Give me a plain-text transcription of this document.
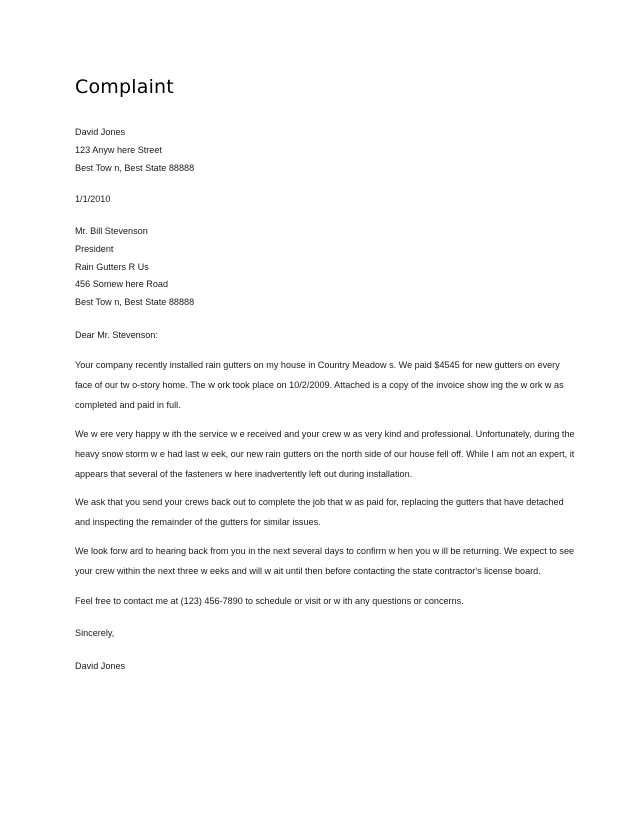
Complaint

David Jones

123 Anyw here Street

Best Tow n, Best State 88888

1/1/2010

Mr. Bill Stevenson

President

Rain Gutters R Us

456 Somew here Road

Best Tow n, Best State 88888

Dear Mr. Stevenson:

Your company recently installed rain gutters on my house in Country Meadow s. We paid $4545 for new gutters on every
face of our tw o-story home. The w ork took place on 10/2/2009. Attached is a copy of the invoice show ing the w ork w as
completed and paid in full.
We w ere very happy w ith the service w e received and your crew w as very kind and professional. Unfortunately, during the
heavy snow storm w e had last w eek, our new rain gutters on the north side of our house fell off. While I am not an expert, it
appears that several of the fasteners w here inadvertently left out during installation.
We ask that you send your crews back out to complete the job that w as paid for, replacing the gutters that have detached
and inspecting the remainder of the gutters for similar issues.
We look forw ard to hearing back from you in the next several days to confirm w hen you w ill be returning. We expect to see
your crew within the next three w eeks and will w ait until then before contacting the state contractor's license board.
Feel free to contact me at (123) 456-7890 to schedule or visit or w ith any questions or concerns.

Sincerely,

David Jones
